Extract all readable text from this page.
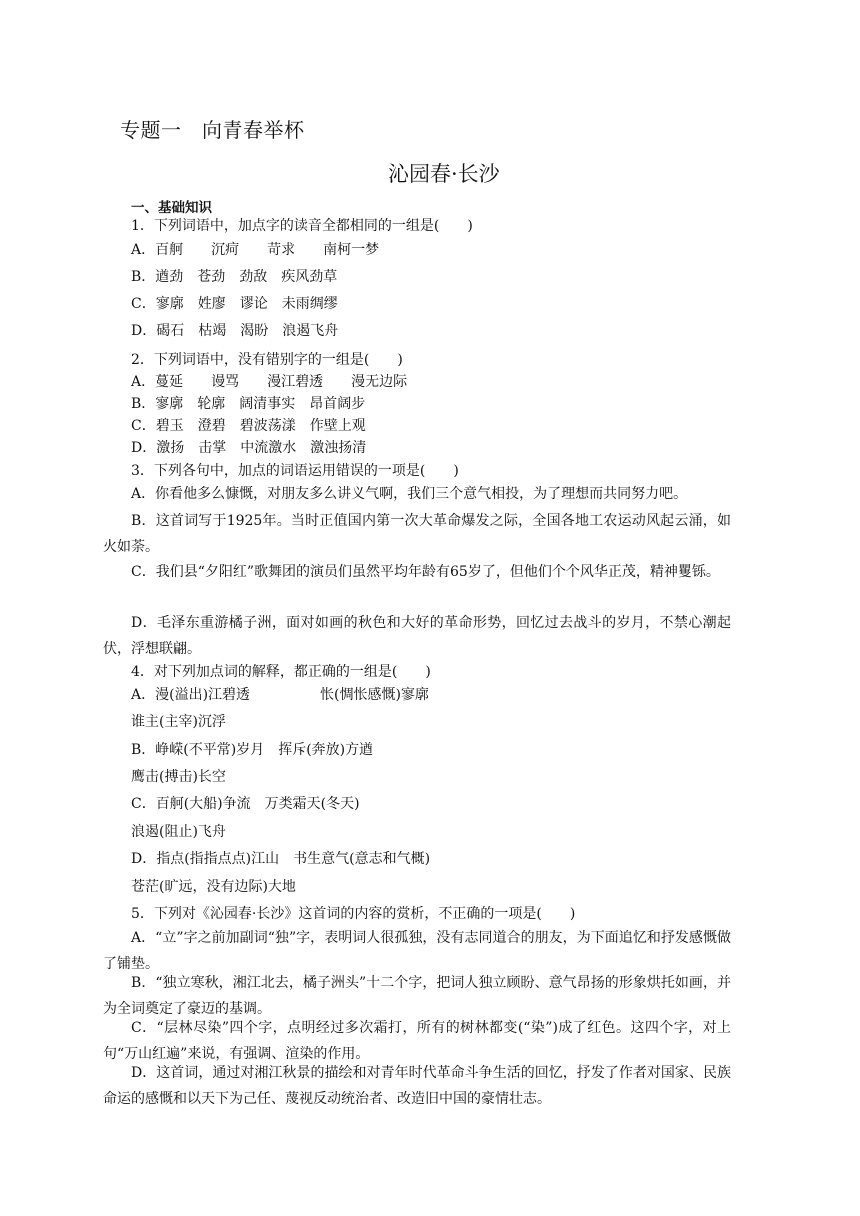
专题一　向青春举杯
沁园春·长沙
一、基础知识
1．下列词语中，加点字的读音全都相同的一组是(　　)
A．百舸　　沉疴　　苛求　　南柯一梦
B．遒劲　苍劲　劲敌　疾风劲草
C．寥廓　姓廖　谬论　未雨绸缪
D．碣石　枯竭　渴盼　浪遏飞舟
2．下列词语中，没有错别字的一组是(　　)
A．蔓延　　谩骂　　漫江碧透　　漫无边际
B．寥廓　轮廓　阔清事实　昂首阔步
C．碧玉　澄碧　碧波荡漾　作壁上观
D．激扬　击掌　中流激水　激浊扬清
3．下列各句中，加点的词语运用错误的一项是(　　)
A．你看他多么慷慨，对朋友多么讲义气啊，我们三个意气相投，为了理想而共同努力吧。
B．这首词写于1925年。当时正值国内第一次大革命爆发之际，全国各地工农运动风起云涌，如火如荼。
C．我们县“夕阳红”歌舞团的演员们虽然平均年龄有65岁了，但他们个个风华正茂，精神矍铄。
D．毛泽东重游橘子洲，面对如画的秋色和大好的革命形势，回忆过去战斗的岁月，不禁心潮起伏，浮想联翩。
4．对下列加点词的解释，都正确的一组是(　　)
A．漫(溢出)江碧透	怅(惆怅感慨)寥廓
谁主(主宰)沉浮
B．峥嵘(不平常)岁月　挥斥(奔放)方遒
鹰击(搏击)长空
C．百舸(大船)争流　万类霜天(冬天)
浪遏(阻止)飞舟
D．指点(指指点点)江山　书生意气(意志和气概)
苍茫(旷远，没有边际)大地
5．下列对《沁园春·长沙》这首词的内容的赏析，不正确的一项是(　　)
A．“立”字之前加副词“独”字，表明词人很孤独，没有志同道合的朋友，为下面追忆和抒发感慨做了铺垫。
B．“独立寒秋，湘江北去，橘子洲头”十二个字，把词人独立顾盼、意气昂扬的形象烘托如画，并为全词奠定了豪迈的基调。
C．“层林尽染”四个字，点明经过多次霜打，所有的树林都变(“染”)成了红色。这四个字，对上句“万山红遍”来说，有强调、渲染的作用。
D．这首词，通过对湘江秋景的描绘和对青年时代革命斗争生活的回忆，抒发了作者对国家、民族命运的感慨和以天下为己任、蔑视反动统治者、改造旧中国的豪情壮志。
